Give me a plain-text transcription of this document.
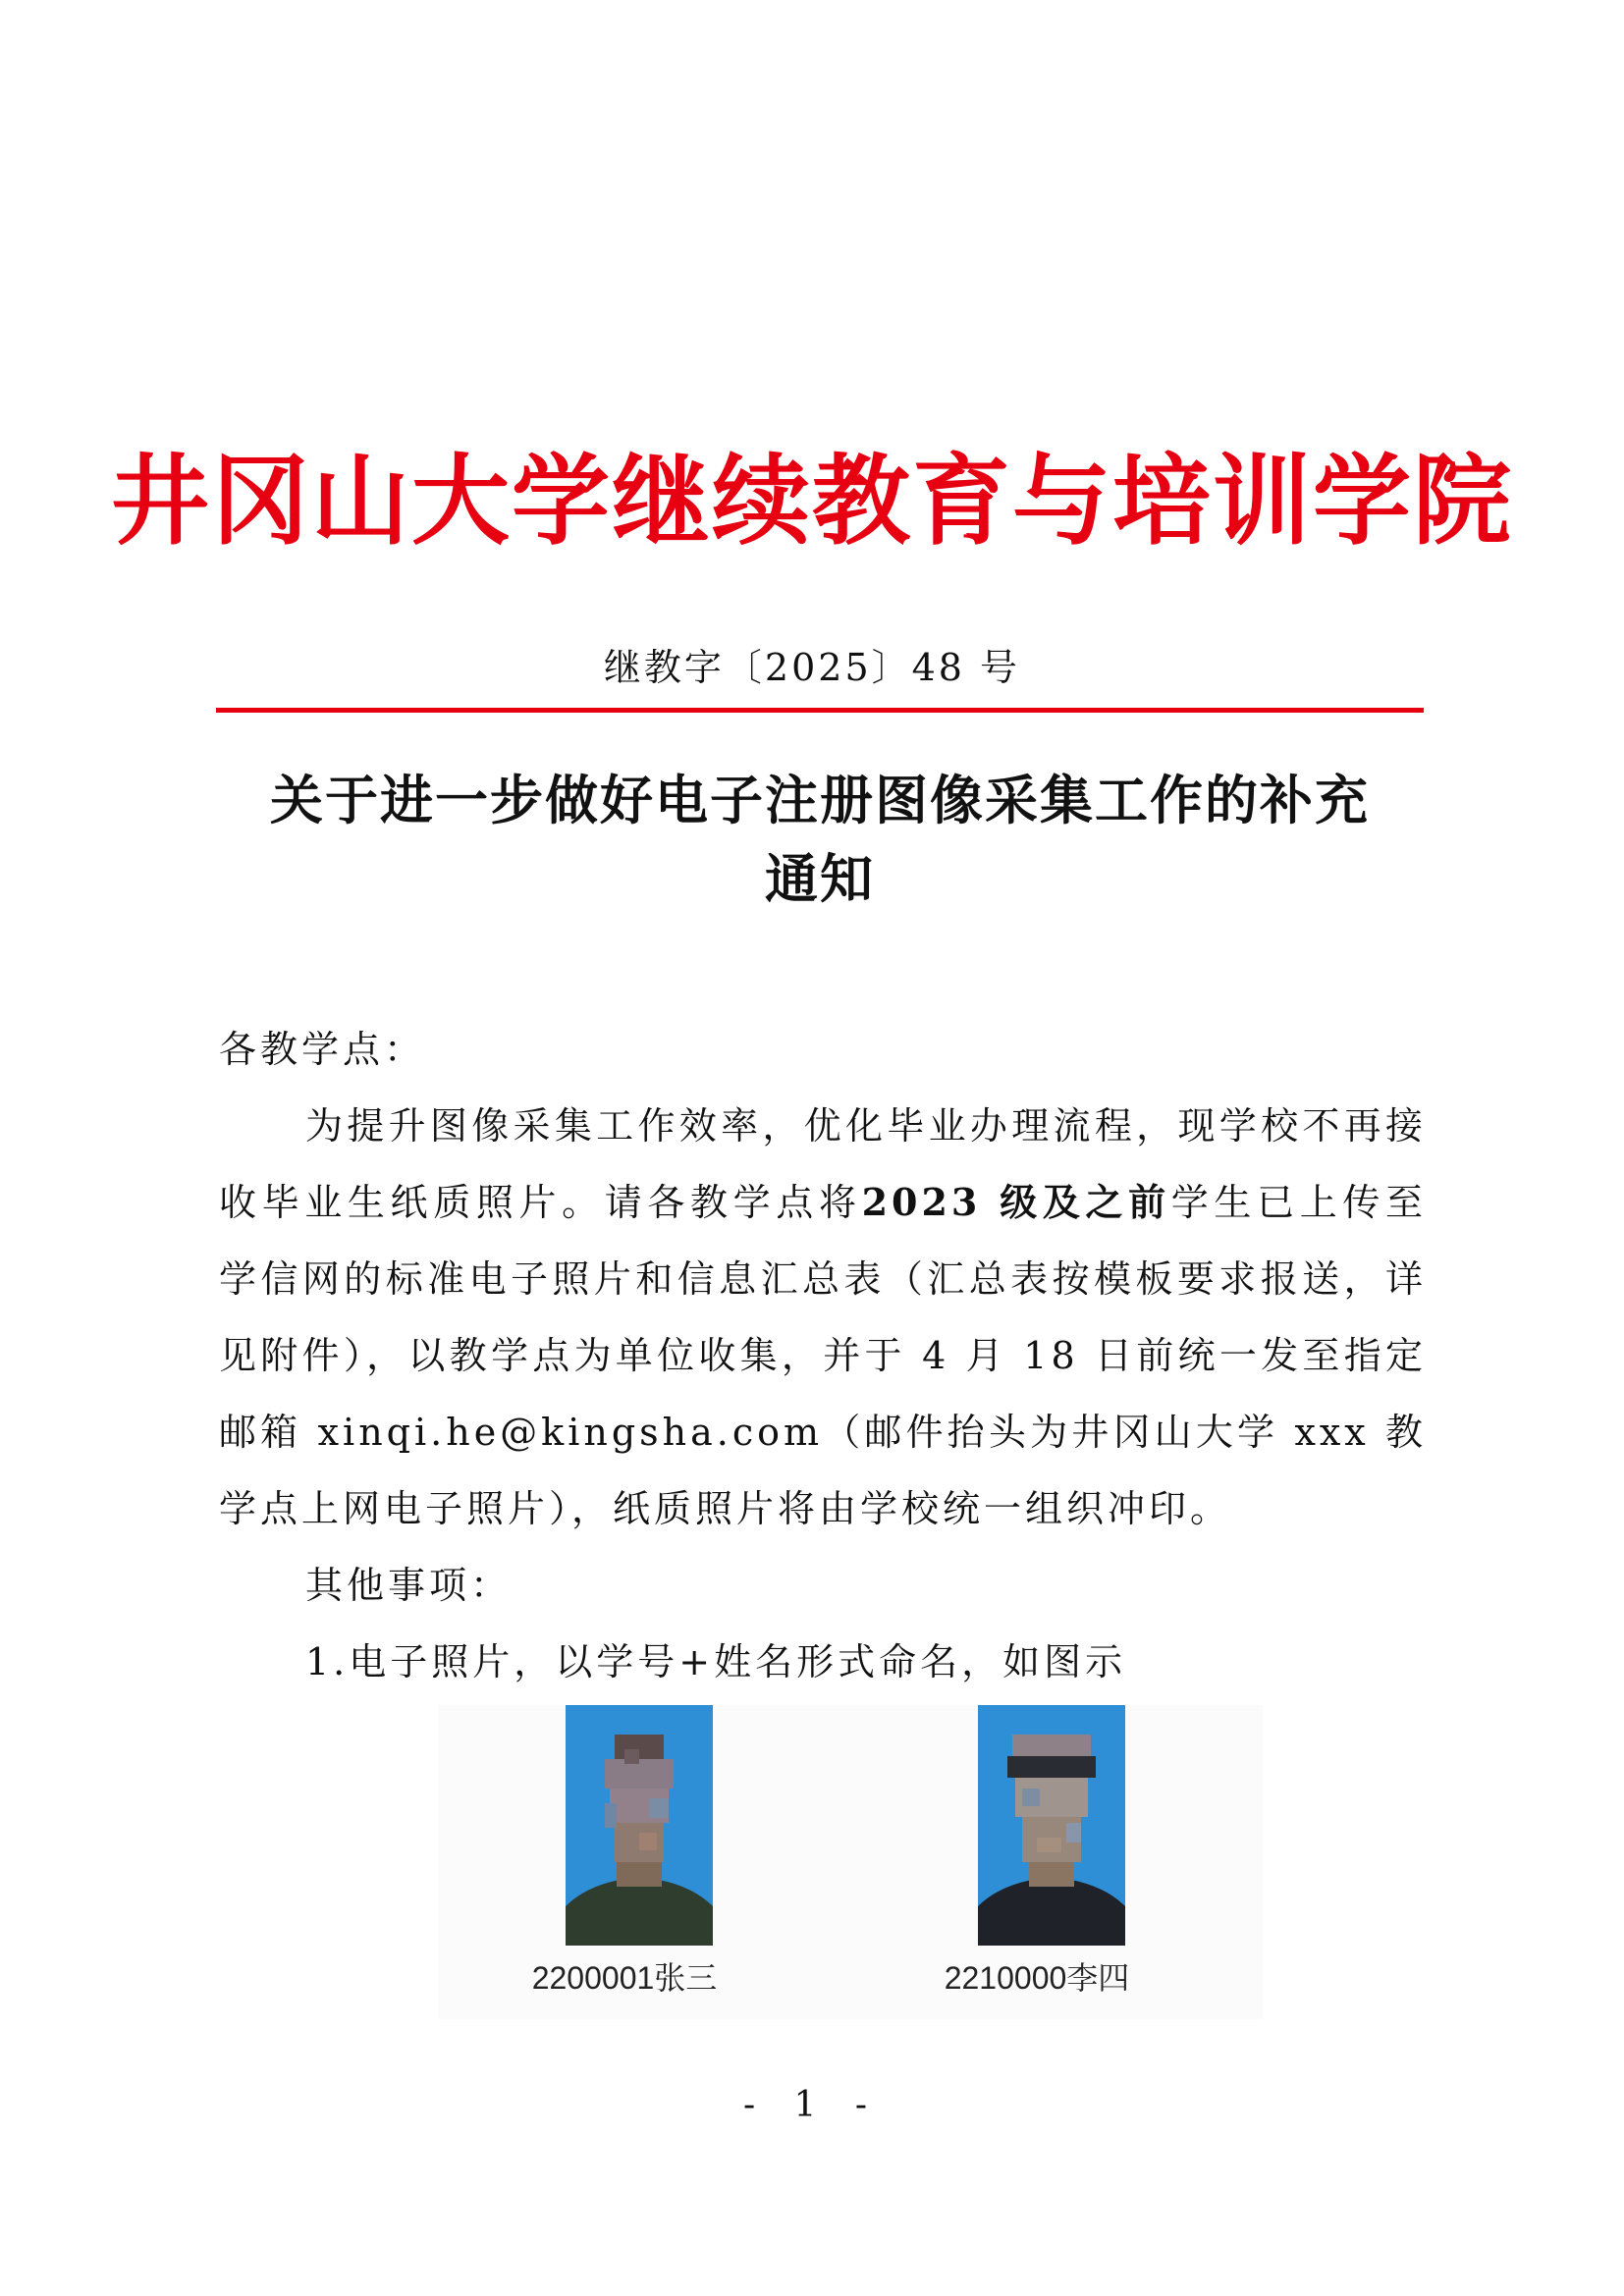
井冈山大学继续教育与培训学院
继教字〔2025〕48 号
关于进一步做好电子注册图像采集工作的补充
通知
各教学点：
为提升图像采集工作效率，优化毕业办理流程，现学校不再接收毕业生纸质照片。请各教学点将2023 级及之前学生已上传至学信网的标准电子照片和信息汇总表（汇总表按模板要求报送，详见附件），以教学点为单位收集，并于 4 月 18 日前统一发至指定邮箱 xinqi.he@kingsha.com（邮件抬头为井冈山大学 xxx 教学点上网电子照片），纸质照片将由学校统一组织冲印。
其他事项：
1.电子照片，以学号+姓名形式命名，如图示
2200001张三	2210000李四
- 1 -
